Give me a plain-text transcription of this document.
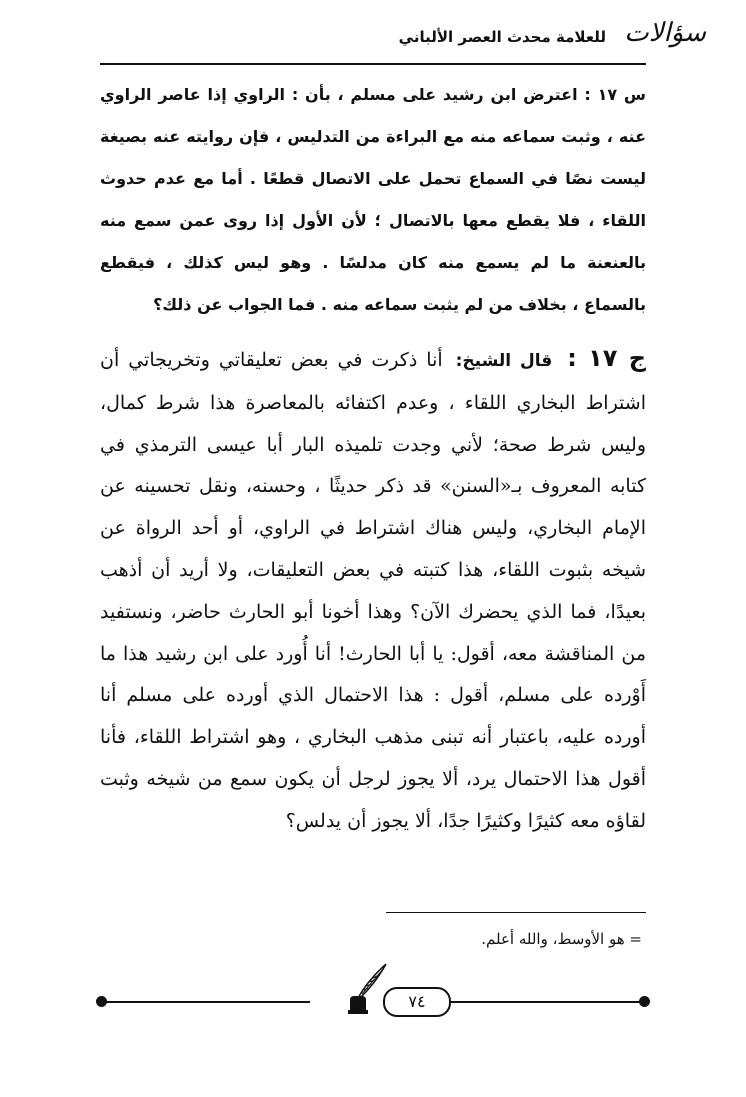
سؤالات
للعلامة محدث العصر الألباني
س ١٧ : اعترض ابن رشيد على مسلم ، بأن : الراوي إذا عاصر الراوي عنه ، وثبت سماعه منه مع البراءة من التدليس ، فإن روايته عنه بصيغة ليست نصًا في السماع تحمل على الاتصال قطعًا . أما مع عدم حدوث اللقاء ، فلا يقطع معها بالاتصال ؛ لأن الأول إذا روى عمن سمع منه بالعنعنة ما لم يسمع منه كان مدلسًا . وهو ليس كذلك ، فيقطع بالسماع ، بخلاف من لم يثبت سماعه منه . فما الجواب عن ذلك؟
ج ١٧ : قال الشيخ: أنا ذكرت في بعض تعليقاتي وتخريجاتي أن اشتراط البخاري اللقاء ، وعدم اكتفائه بالمعاصرة هذا شرط كمال، وليس شرط صحة؛ لأني وجدت تلميذه البار أبا عيسى الترمذي في كتابه المعروف بـ«السنن» قد ذكر حديثًا ، وحسنه، ونقل تحسينه عن الإمام البخاري، وليس هناك اشتراط في الراوي، أو أحد الرواة عن شيخه بثبوت اللقاء، هذا كتبته في بعض التعليقات، ولا أريد أن أذهب بعيدًا، فما الذي يحضرك الآن؟ وهذا أخونا أبو الحارث حاضر، ونستفيد من المناقشة معه، أقول: يا أبا الحارث! أنا أُورد على ابن رشيد هذا ما أَوْرده على مسلم، أقول : هذا الاحتمال الذي أورده على مسلم أنا أورده عليه، باعتبار أنه تبنى مذهب البخاري ، وهو اشتراط اللقاء، فأنا أقول هذا الاحتمال يرد، ألا يجوز لرجل أن يكون سمع من شيخه وثبت لقاؤه معه كثيرًا وكثيرًا جدًا، ألا يجوز أن يدلس؟
= هو الأوسط، والله أعلم.
٧٤
